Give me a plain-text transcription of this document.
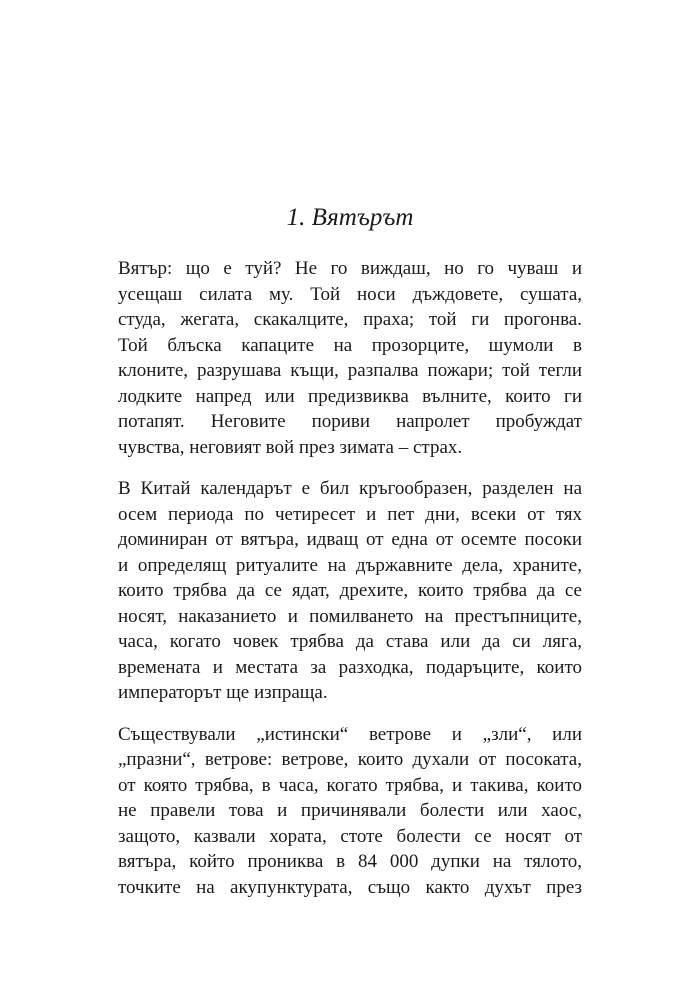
1. Вятърът

Вятър: що е туй? Не го виждаш, но го чуваш и
усещаш силата му. Той носи дъждовете, сушата,
студа, жегата, скакалците, праха; той ги прогонва.
Той блъска капаците на прозорците, шумоли в
клоните, разрушава къщи, разпалва пожари; той тегли
лодките напред или предизвиква вълните, които ги
потапят. Неговите пориви напролет пробуждат
чувства, неговият вой през зимата – страх.

В Китай календарът е бил кръгообразен, разделен на
осем периода по четиресет и пет дни, всеки от тях
доминиран от вятъра, идващ от една от осемте посоки
и определящ ритуалите на държавните дела, храните,
които трябва да се ядат, дрехите, които трябва да се
носят, наказанието и помилването на престъпниците,
часа, когато човек трябва да става или да си ляга,
времената и местата за разходка, подаръците, които
императорът ще изпраща.

Съществували „истински“ ветрове и „зли“, или
„празни“, ветрове: ветрове, които духали от посоката,
от която трябва, в часа, когато трябва, и такива, които
не правели това и причинявали болести или хаос,
защото, казвали хората, стоте болести се носят от
вятъра, който прониква в 84 000 дупки на тялото,
точките на акупунктурата, също както духът през
